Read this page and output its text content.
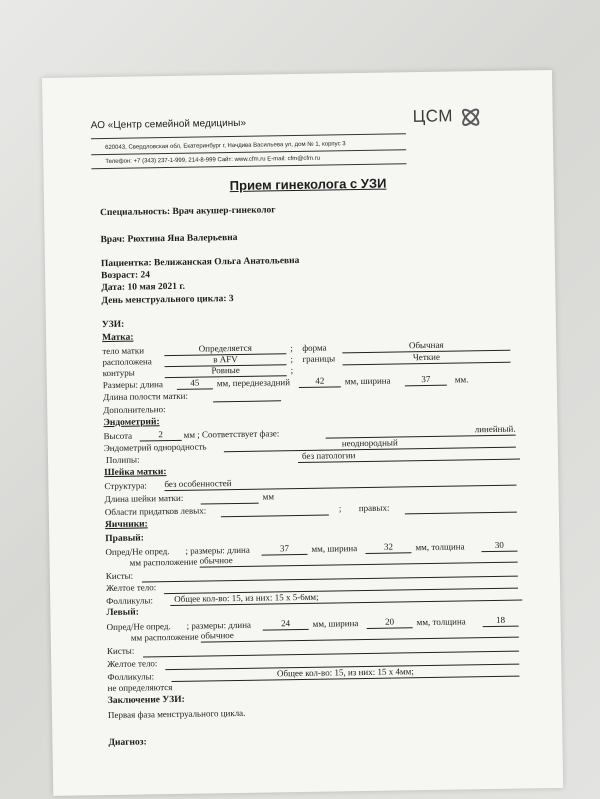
АО «Центр семейной медицины»	ЦСМ
620043, Свердловская обл, Екатеринбург г, Начдива Васильева ул, дом № 1, корпус 3
Телефон: +7 (343) 237-1-999, 214-8-999 Сайт: www.cfm.ru E-mail: cfm@cfm.ru
Прием гинеколога с УЗИ
Специальность: Врач акушер-гинеколог
Врач: Рюхтина Яна Валерьевна
Пациентка: Велижанская Ольга Анатольевна
Возраст: 24
Дата: 10 мая 2021 г.
День менструального цикла: 3
УЗИ:
Матка:
тело матки	Определяется	; форма	Обычная
расположена	в AFV	; границы	Четкие
контуры	Ровные	;
Размеры: длина	45	мм, переднезадний	42	мм, ширина	37	мм.
Длина полости матки:
Дополнительно:
Эндометрий:
Высота	2	мм ; Соответствует фазе:	линейный.
Эндометрий однородность	неоднородный
Полипы:	без патологии
Шейка матки:
Структура: без особенностей
Длина шейки матки:	мм
Области придатков левых:	; правых:
Яичники:
Правый:
Опред/Не опред. ; размеры: длина	37	мм, ширина	32	мм, толщина	30
мм расположение обычное
Кисты:
Желтое тело:
Фолликулы:	Общее кол-во: 15, из них: 15 х 5-6мм;
Левый:
Опред/Не опред. ; размеры: длина	24	мм, ширина	20	мм, толщина	18
мм расположение обычное
Кисты:
Желтое тело:
Фолликулы:	Общее кол-во: 15, из них: 15 х 4мм;
не определяются
Заключение УЗИ:
Первая фаза менструального цикла.
Диагноз:
